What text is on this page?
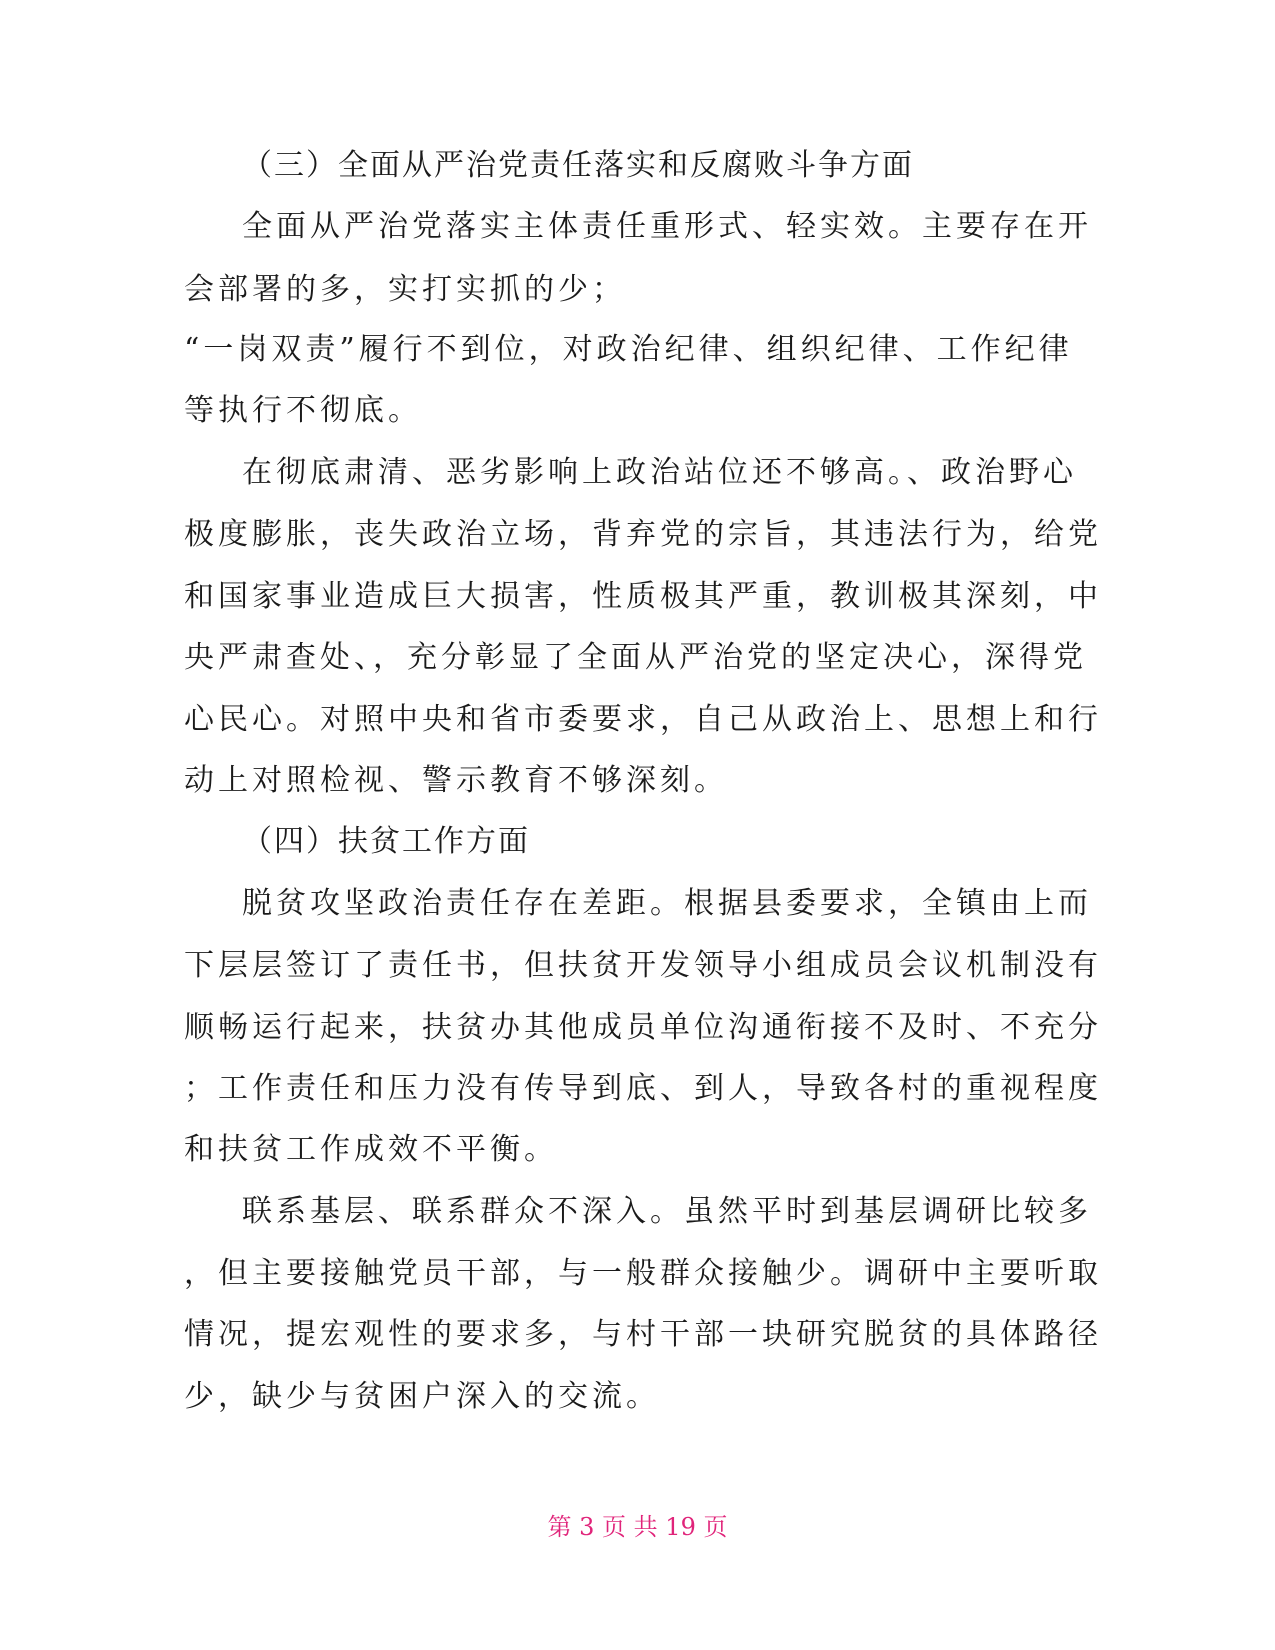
（三）全面从严治党责任落实和反腐败斗争方面
全面从严治党落实主体责任重形式、轻实效。主要存在开
会部署的多，实打实抓的少；
“一岗双责”履行不到位，对政治纪律、组织纪律、工作纪律
等执行不彻底。
在彻底肃清、恶劣影响上政治站位还不够高。、政治野心
极度膨胀，丧失政治立场，背弃党的宗旨，其违法行为，给党
和国家事业造成巨大损害，性质极其严重，教训极其深刻，中
央严肃查处、，充分彰显了全面从严治党的坚定决心，深得党
心民心。对照中央和省市委要求，自己从政治上、思想上和行
动上对照检视、警示教育不够深刻。
（四）扶贫工作方面
脱贫攻坚政治责任存在差距。根据县委要求，全镇由上而
下层层签订了责任书，但扶贫开发领导小组成员会议机制没有
顺畅运行起来，扶贫办其他成员单位沟通衔接不及时、不充分
；工作责任和压力没有传导到底、到人，导致各村的重视程度
和扶贫工作成效不平衡。
联系基层、联系群众不深入。虽然平时到基层调研比较多
，但主要接触党员干部，与一般群众接触少。调研中主要听取
情况，提宏观性的要求多，与村干部一块研究脱贫的具体路径
少，缺少与贫困户深入的交流。
第 3 页 共 19 页
